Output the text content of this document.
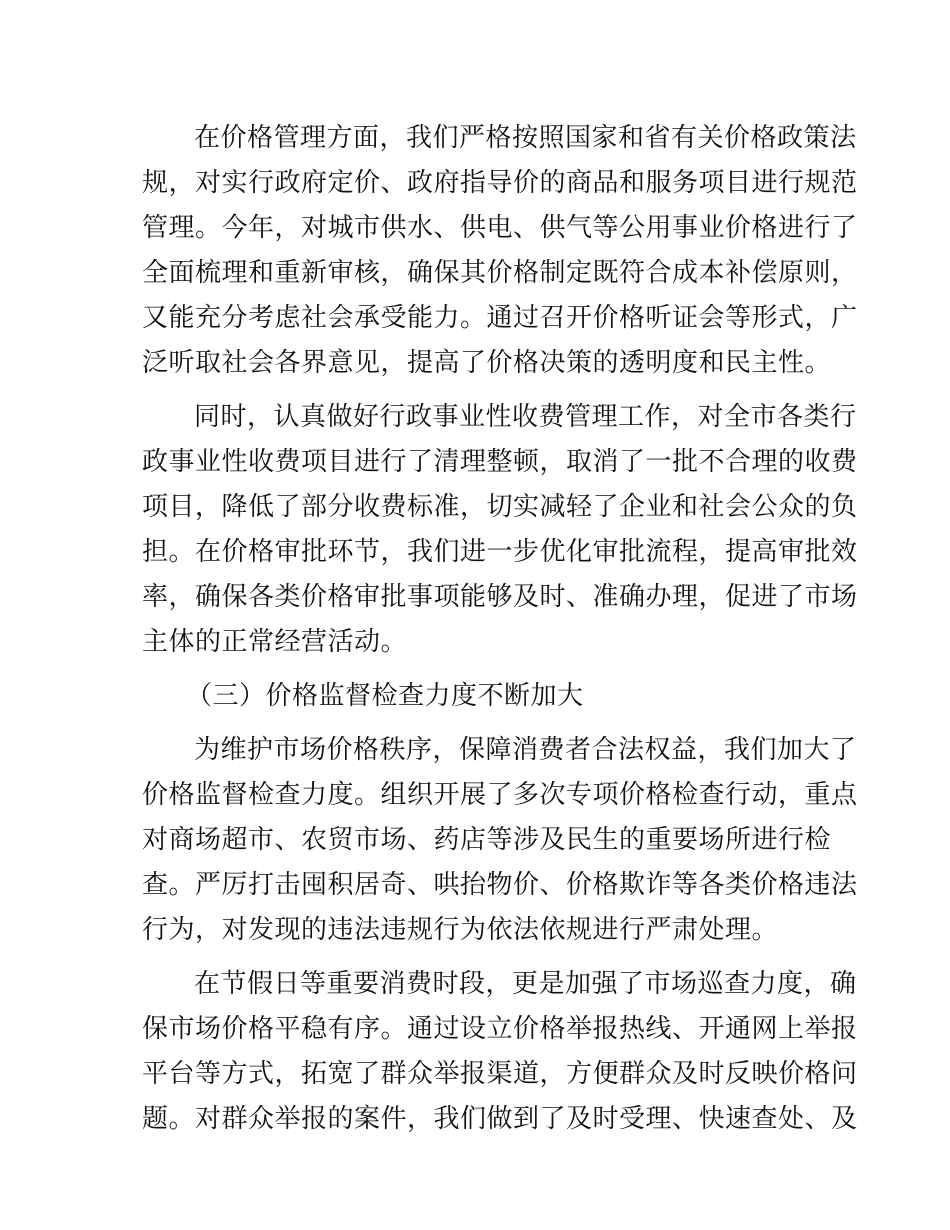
在价格管理方面，我们严格按照国家和省有关价格政策法
规，对实行政府定价、政府指导价的商品和服务项目进行规范
管理。今年，对城市供水、供电、供气等公用事业价格进行了
全面梳理和重新审核，确保其价格制定既符合成本补偿原则，
又能充分考虑社会承受能力。通过召开价格听证会等形式，广
泛听取社会各界意见，提高了价格决策的透明度和民主性。
同时，认真做好行政事业性收费管理工作，对全市各类行
政事业性收费项目进行了清理整顿，取消了一批不合理的收费
项目，降低了部分收费标准，切实减轻了企业和社会公众的负
担。在价格审批环节，我们进一步优化审批流程，提高审批效
率，确保各类价格审批事项能够及时、准确办理，促进了市场
主体的正常经营活动。
（三）价格监督检查力度不断加大
为维护市场价格秩序，保障消费者合法权益，我们加大了
价格监督检查力度。组织开展了多次专项价格检查行动，重点
对商场超市、农贸市场、药店等涉及民生的重要场所进行检
查。严厉打击囤积居奇、哄抬物价、价格欺诈等各类价格违法
行为，对发现的违法违规行为依法依规进行严肃处理。
在节假日等重要消费时段，更是加强了市场巡查力度，确
保市场价格平稳有序。通过设立价格举报热线、开通网上举报
平台等方式，拓宽了群众举报渠道，方便群众及时反映价格问
题。对群众举报的案件，我们做到了及时受理、快速查处、及
